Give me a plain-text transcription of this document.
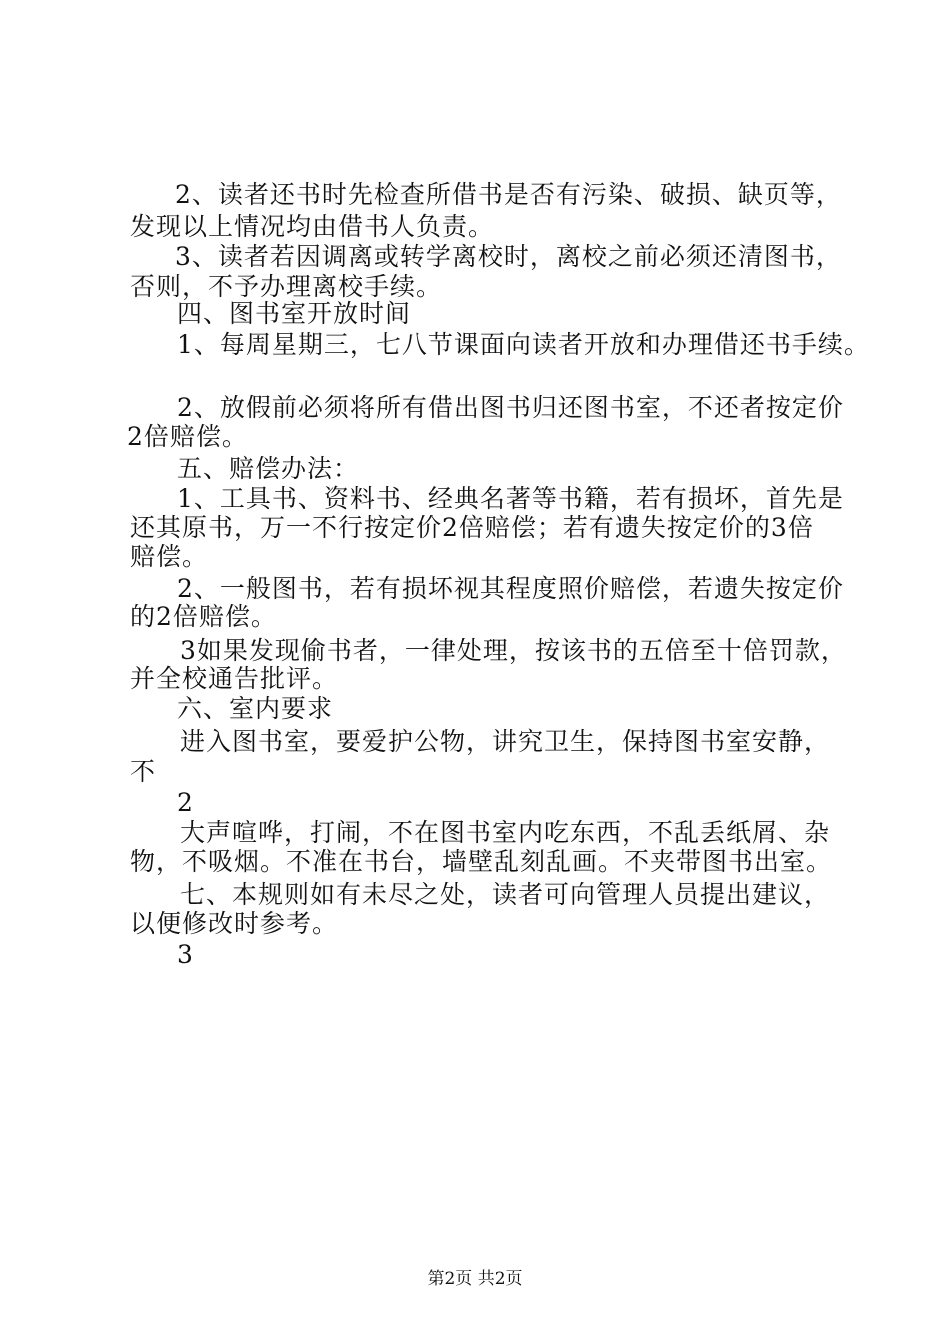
2、读者还书时先检查所借书是否有污染、破损、缺页等，
发现以上情况均由借书人负责。
3、读者若因调离或转学离校时，离校之前必须还清图书，
否则，不予办理离校手续。
四、图书室开放时间
1、每周星期三，七八节课面向读者开放和办理借还书手续。
2、放假前必须将所有借出图书归还图书室，不还者按定价
2倍赔偿。
五、赔偿办法：
1、工具书、资料书、经典名著等书籍，若有损坏，首先是
还其原书，万一不行按定价2倍赔偿；若有遗失按定价的3倍
赔偿。
2、一般图书，若有损坏视其程度照价赔偿，若遗失按定价
的2倍赔偿。
3如果发现偷书者，一律处理，按该书的五倍至十倍罚款，
并全校通告批评。
六、室内要求
进入图书室，要爱护公物，讲究卫生，保持图书室安静，
不
2
大声喧哗，打闹，不在图书室内吃东西，不乱丢纸屑、杂
物，不吸烟。不准在书台，墙壁乱刻乱画。不夹带图书出室。
七、本规则如有未尽之处，读者可向管理人员提出建议，
以便修改时参考。
3
第2页 共2页
